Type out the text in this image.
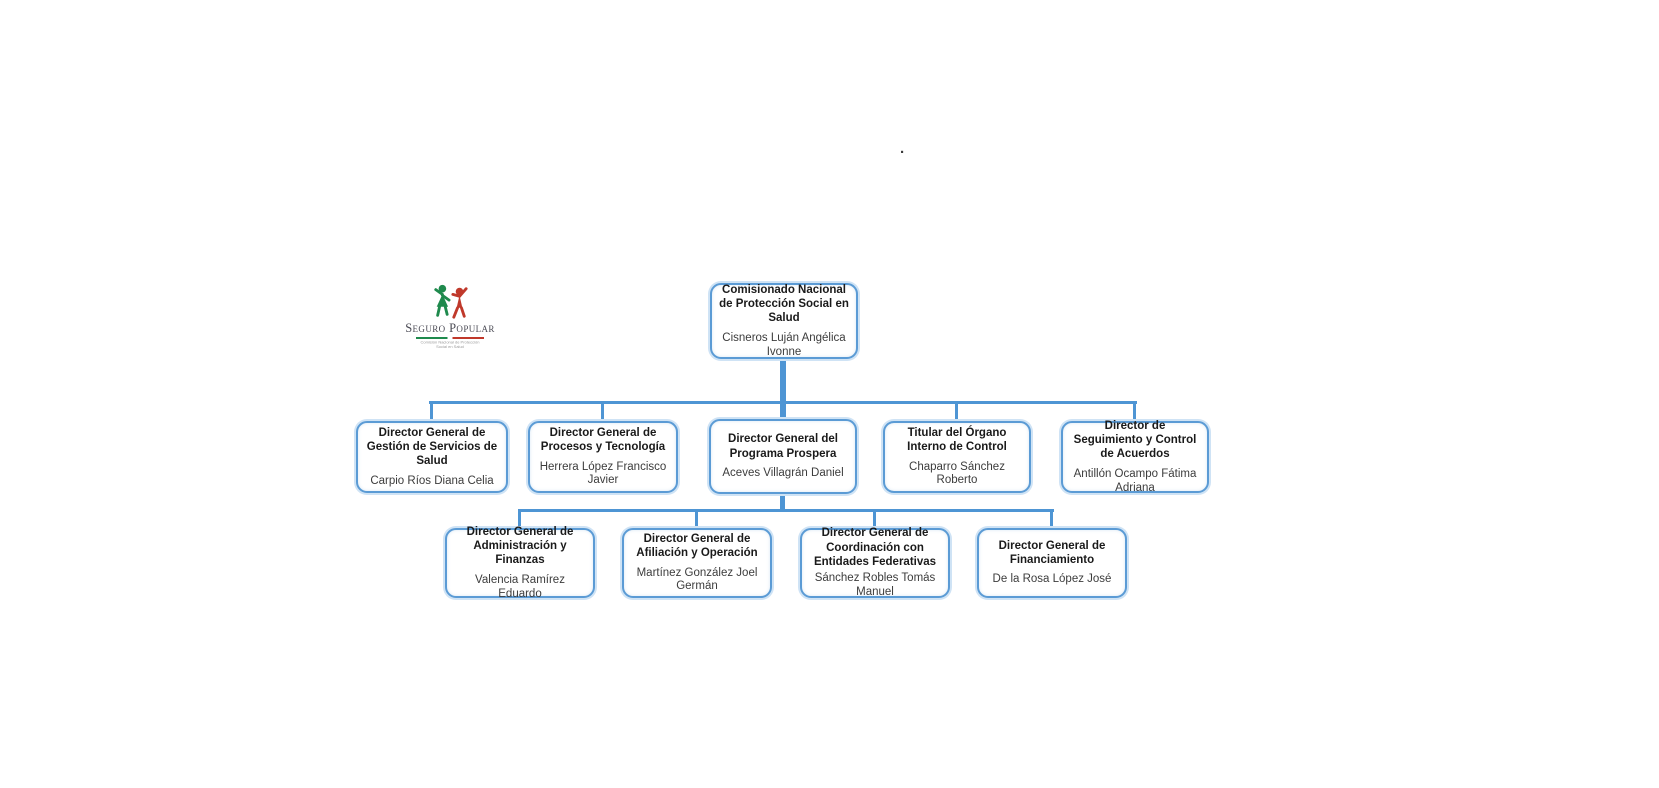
Seguro Popular
Comisión Nacional de Protección Social en Salud
.
Comisionado Nacional de Protección Social en Salud
Cisneros Luján Angélica Ivonne
Director General de Gestión de Servicios de Salud
Carpio Ríos Diana Celia
Director General de Procesos y Tecnología
Herrera López Francisco Javier
Director General del Programa Prospera
Aceves Villagrán Daniel
Titular del Órgano Interno de Control
Chaparro Sánchez Roberto
Director de Seguimiento y Control de Acuerdos
Antillón Ocampo Fátima Adriana
Director General de Administración y Finanzas
Valencia Ramírez Eduardo
Director General de Afiliación y Operación
Martínez González Joel Germán
Director General de Coordinación con Entidades Federativas
Sánchez Robles Tomás Manuel
Director General de Financiamiento
De la Rosa López José
